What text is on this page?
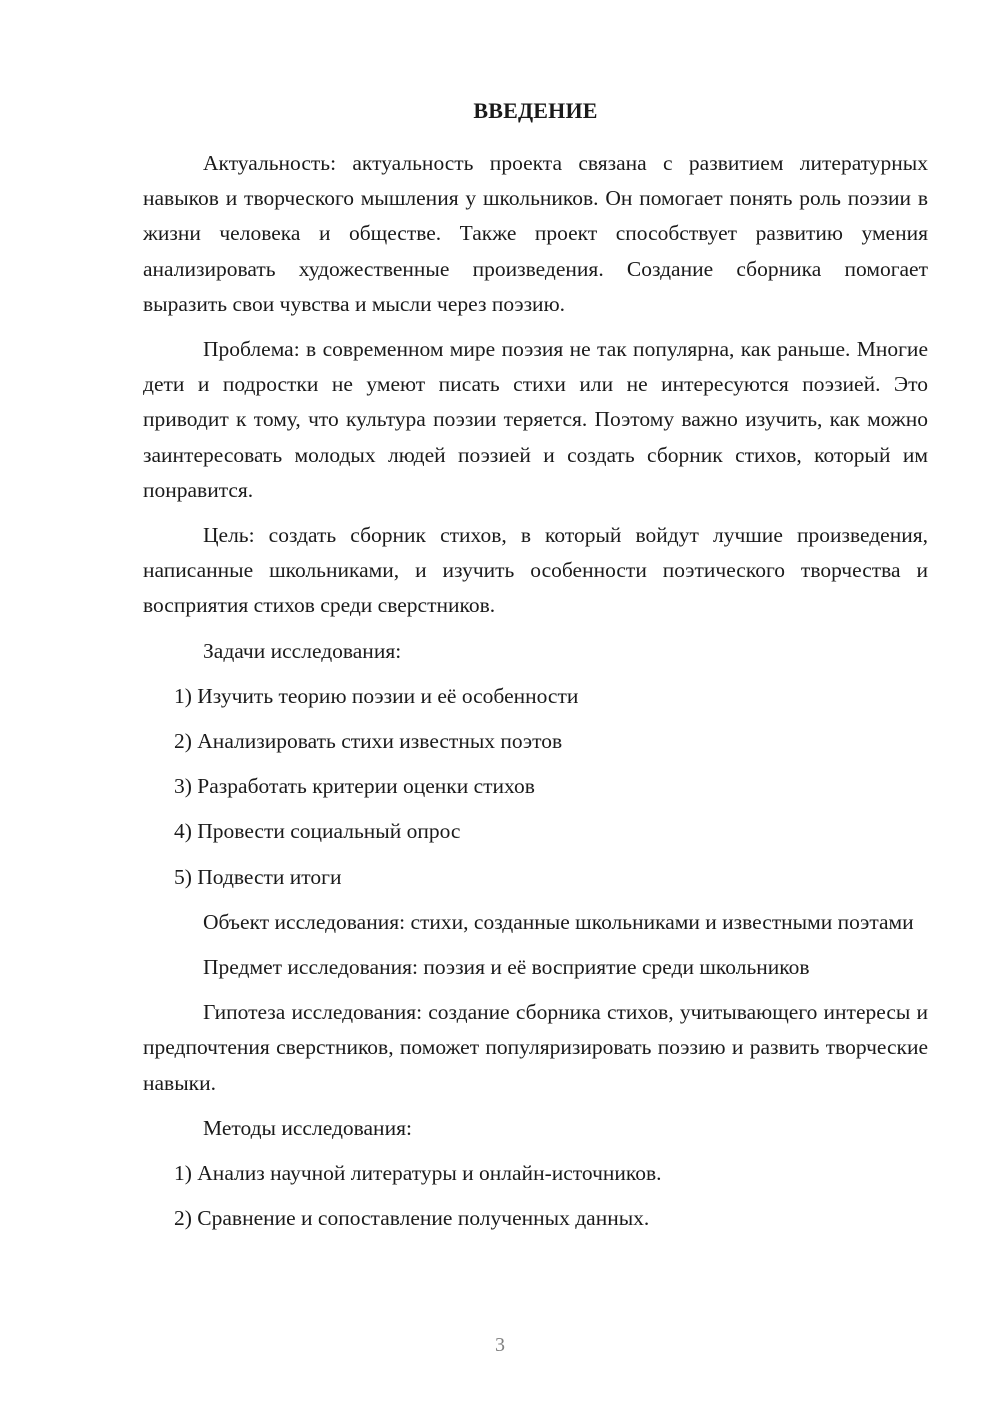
ВВЕДЕНИЕ

Актуальность: актуальность проекта связана с развитием литературных навыков и творческого мышления у школьников. Он помогает понять роль поэзии в жизни человека и обществе. Также проект способствует развитию умения анализировать художественные произведения. Создание сборника помогает выразить свои чувства и мысли через поэзию.

Проблема: в современном мире поэзия не так популярна, как раньше. Многие дети и подростки не умеют писать стихи или не интересуются поэзией. Это приводит к тому, что культура поэзии теряется. Поэтому важно изучить, как можно заинтересовать молодых людей поэзией и создать сборник стихов, который им понравится.

Цель: создать сборник стихов, в который войдут лучшие произведения, написанные школьниками, и изучить особенности поэтического творчества и восприятия стихов среди сверстников.

Задачи исследования:

1) Изучить теорию поэзии и её особенности

2) Анализировать стихи известных поэтов

3) Разработать критерии оценки стихов

4) Провести социальный опрос

5) Подвести итоги

Объект исследования: стихи, созданные школьниками и известными поэтами

Предмет исследования: поэзия и её восприятие среди школьников

Гипотеза исследования: создание сборника стихов, учитывающего интересы и предпочтения сверстников, поможет популяризировать поэзию и развить творческие навыки.

Методы исследования:

1) Анализ научной литературы и онлайн-источников.

2) Сравнение и сопоставление полученных данных.

3
